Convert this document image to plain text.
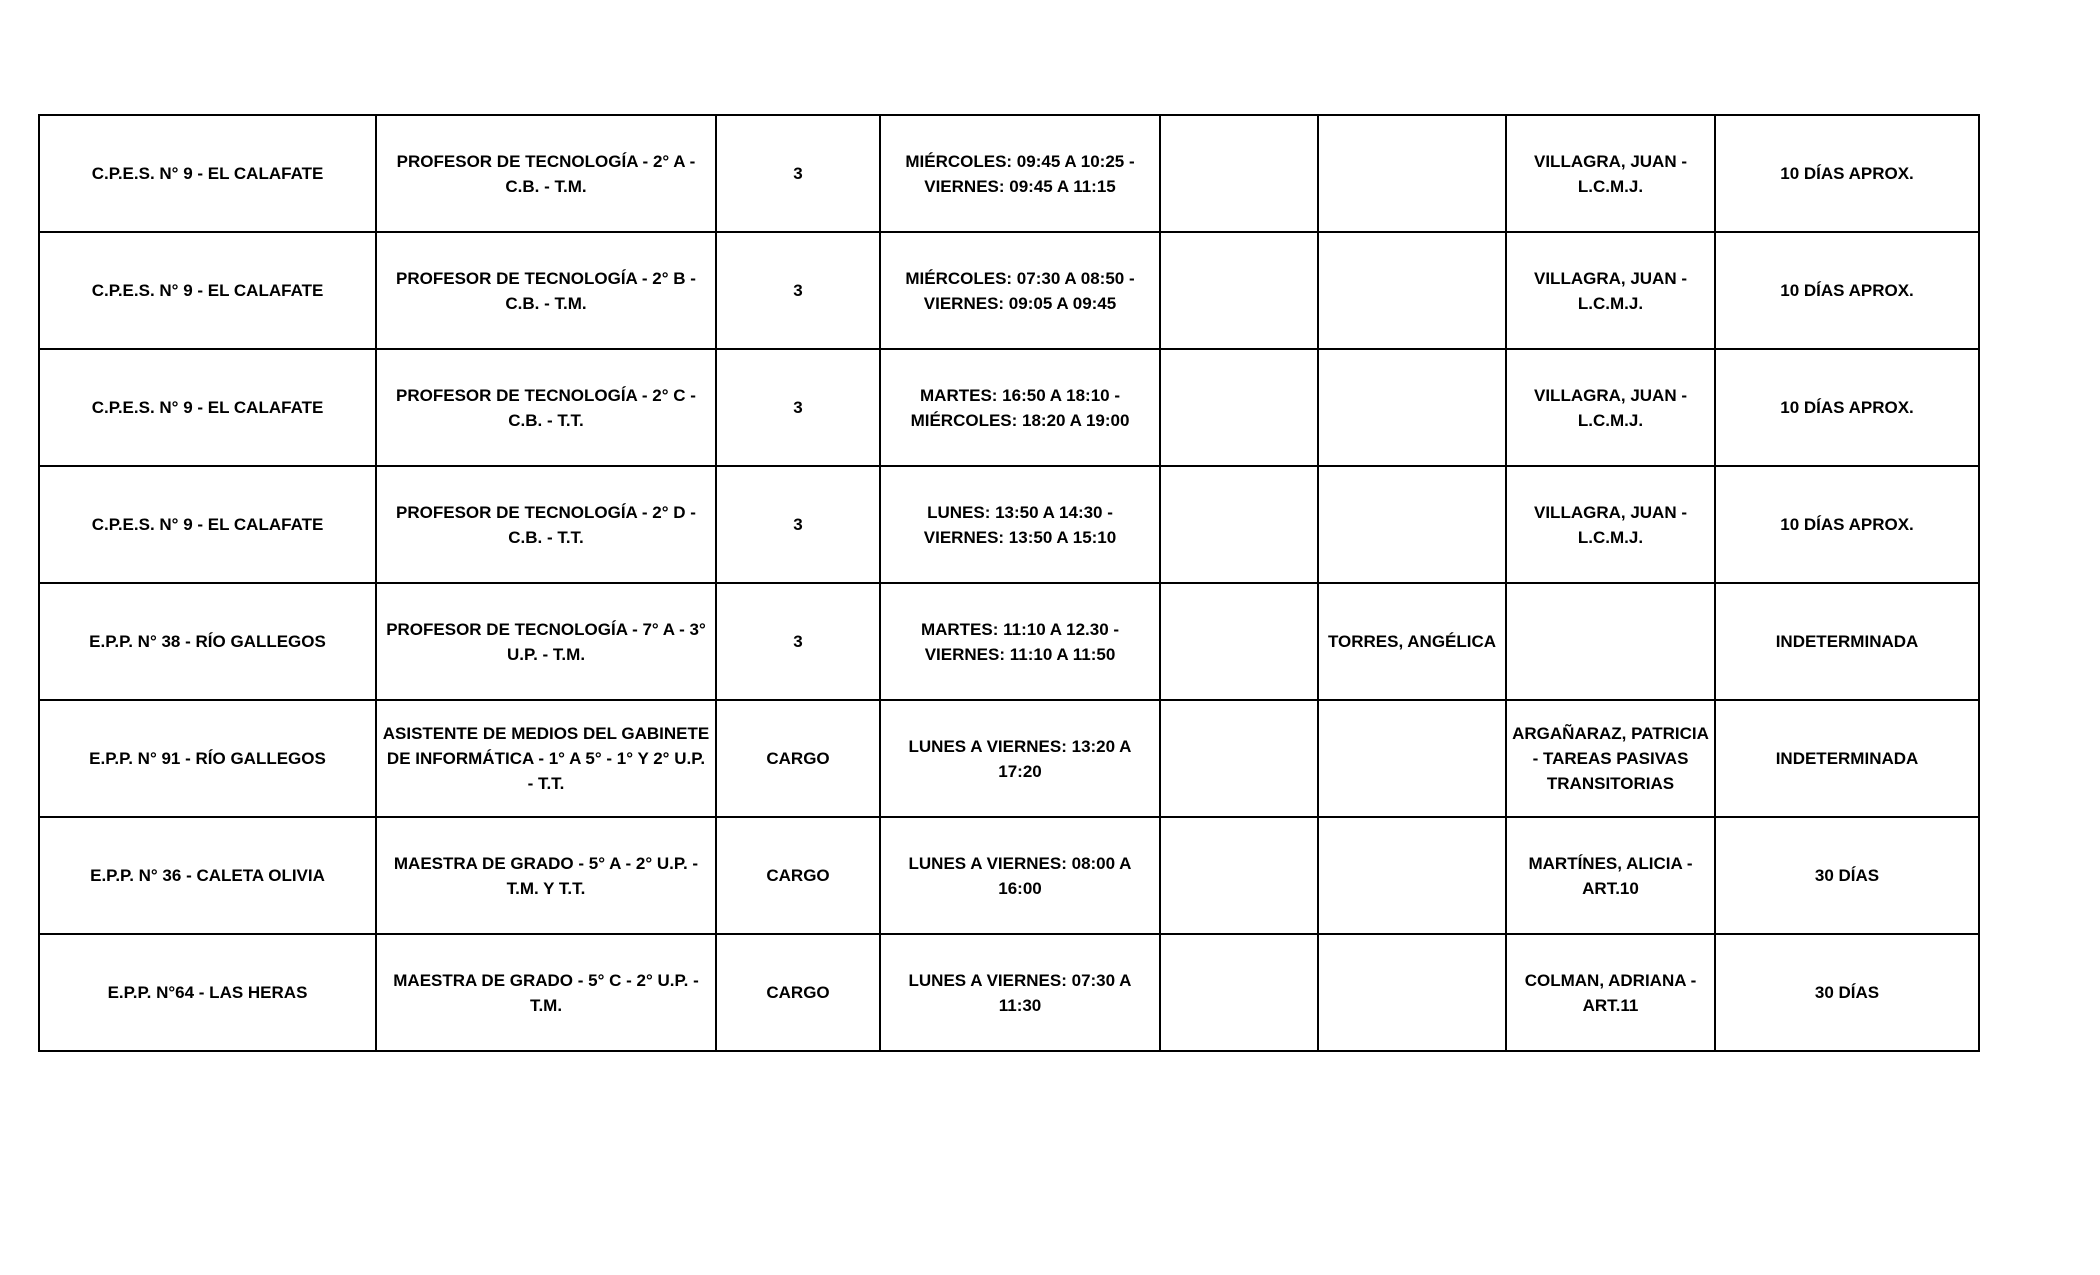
C.P.E.S. N° 9 - EL CALAFATE	PROFESOR DE TECNOLOGÍA - 2° A - C.B. - T.M.	3	MIÉRCOLES: 09:45 A 10:25 - VIERNES: 09:45 A 11:15			VILLAGRA, JUAN - L.C.M.J.	10 DÍAS APROX.
C.P.E.S. N° 9 - EL CALAFATE	PROFESOR DE TECNOLOGÍA - 2° B - C.B. - T.M.	3	MIÉRCOLES: 07:30 A 08:50 - VIERNES: 09:05 A 09:45			VILLAGRA, JUAN - L.C.M.J.	10 DÍAS APROX.
C.P.E.S. N° 9 - EL CALAFATE	PROFESOR DE TECNOLOGÍA - 2° C - C.B. - T.T.	3	MARTES: 16:50 A 18:10 - MIÉRCOLES: 18:20 A 19:00			VILLAGRA, JUAN - L.C.M.J.	10 DÍAS APROX.
C.P.E.S. N° 9 - EL CALAFATE	PROFESOR DE TECNOLOGÍA - 2° D - C.B. - T.T.	3	LUNES: 13:50 A 14:30 - VIERNES: 13:50 A 15:10			VILLAGRA, JUAN - L.C.M.J.	10 DÍAS APROX.
E.P.P. N° 38 - RÍO GALLEGOS	PROFESOR DE TECNOLOGÍA - 7° A - 3° U.P. - T.M.	3	MARTES: 11:10 A 12.30 - VIERNES: 11:10 A 11:50		TORRES, ANGÉLICA		INDETERMINADA
E.P.P. N° 91 - RÍO GALLEGOS	ASISTENTE DE MEDIOS DEL GABINETE DE INFORMÁTICA - 1° A 5° - 1° Y 2° U.P. - T.T.	CARGO	LUNES A VIERNES: 13:20 A 17:20			ARGAÑARAZ, PATRICIA - TAREAS PASIVAS TRANSITORIAS	INDETERMINADA
E.P.P. N° 36 - CALETA OLIVIA	MAESTRA DE GRADO - 5° A - 2° U.P. - T.M. Y T.T.	CARGO	LUNES A VIERNES: 08:00 A 16:00			MARTÍNES, ALICIA - ART.10	30 DÍAS
E.P.P. N°64 - LAS HERAS	MAESTRA DE GRADO - 5° C - 2° U.P. - T.M.	CARGO	LUNES A VIERNES: 07:30 A 11:30			COLMAN, ADRIANA - ART.11	30 DÍAS
